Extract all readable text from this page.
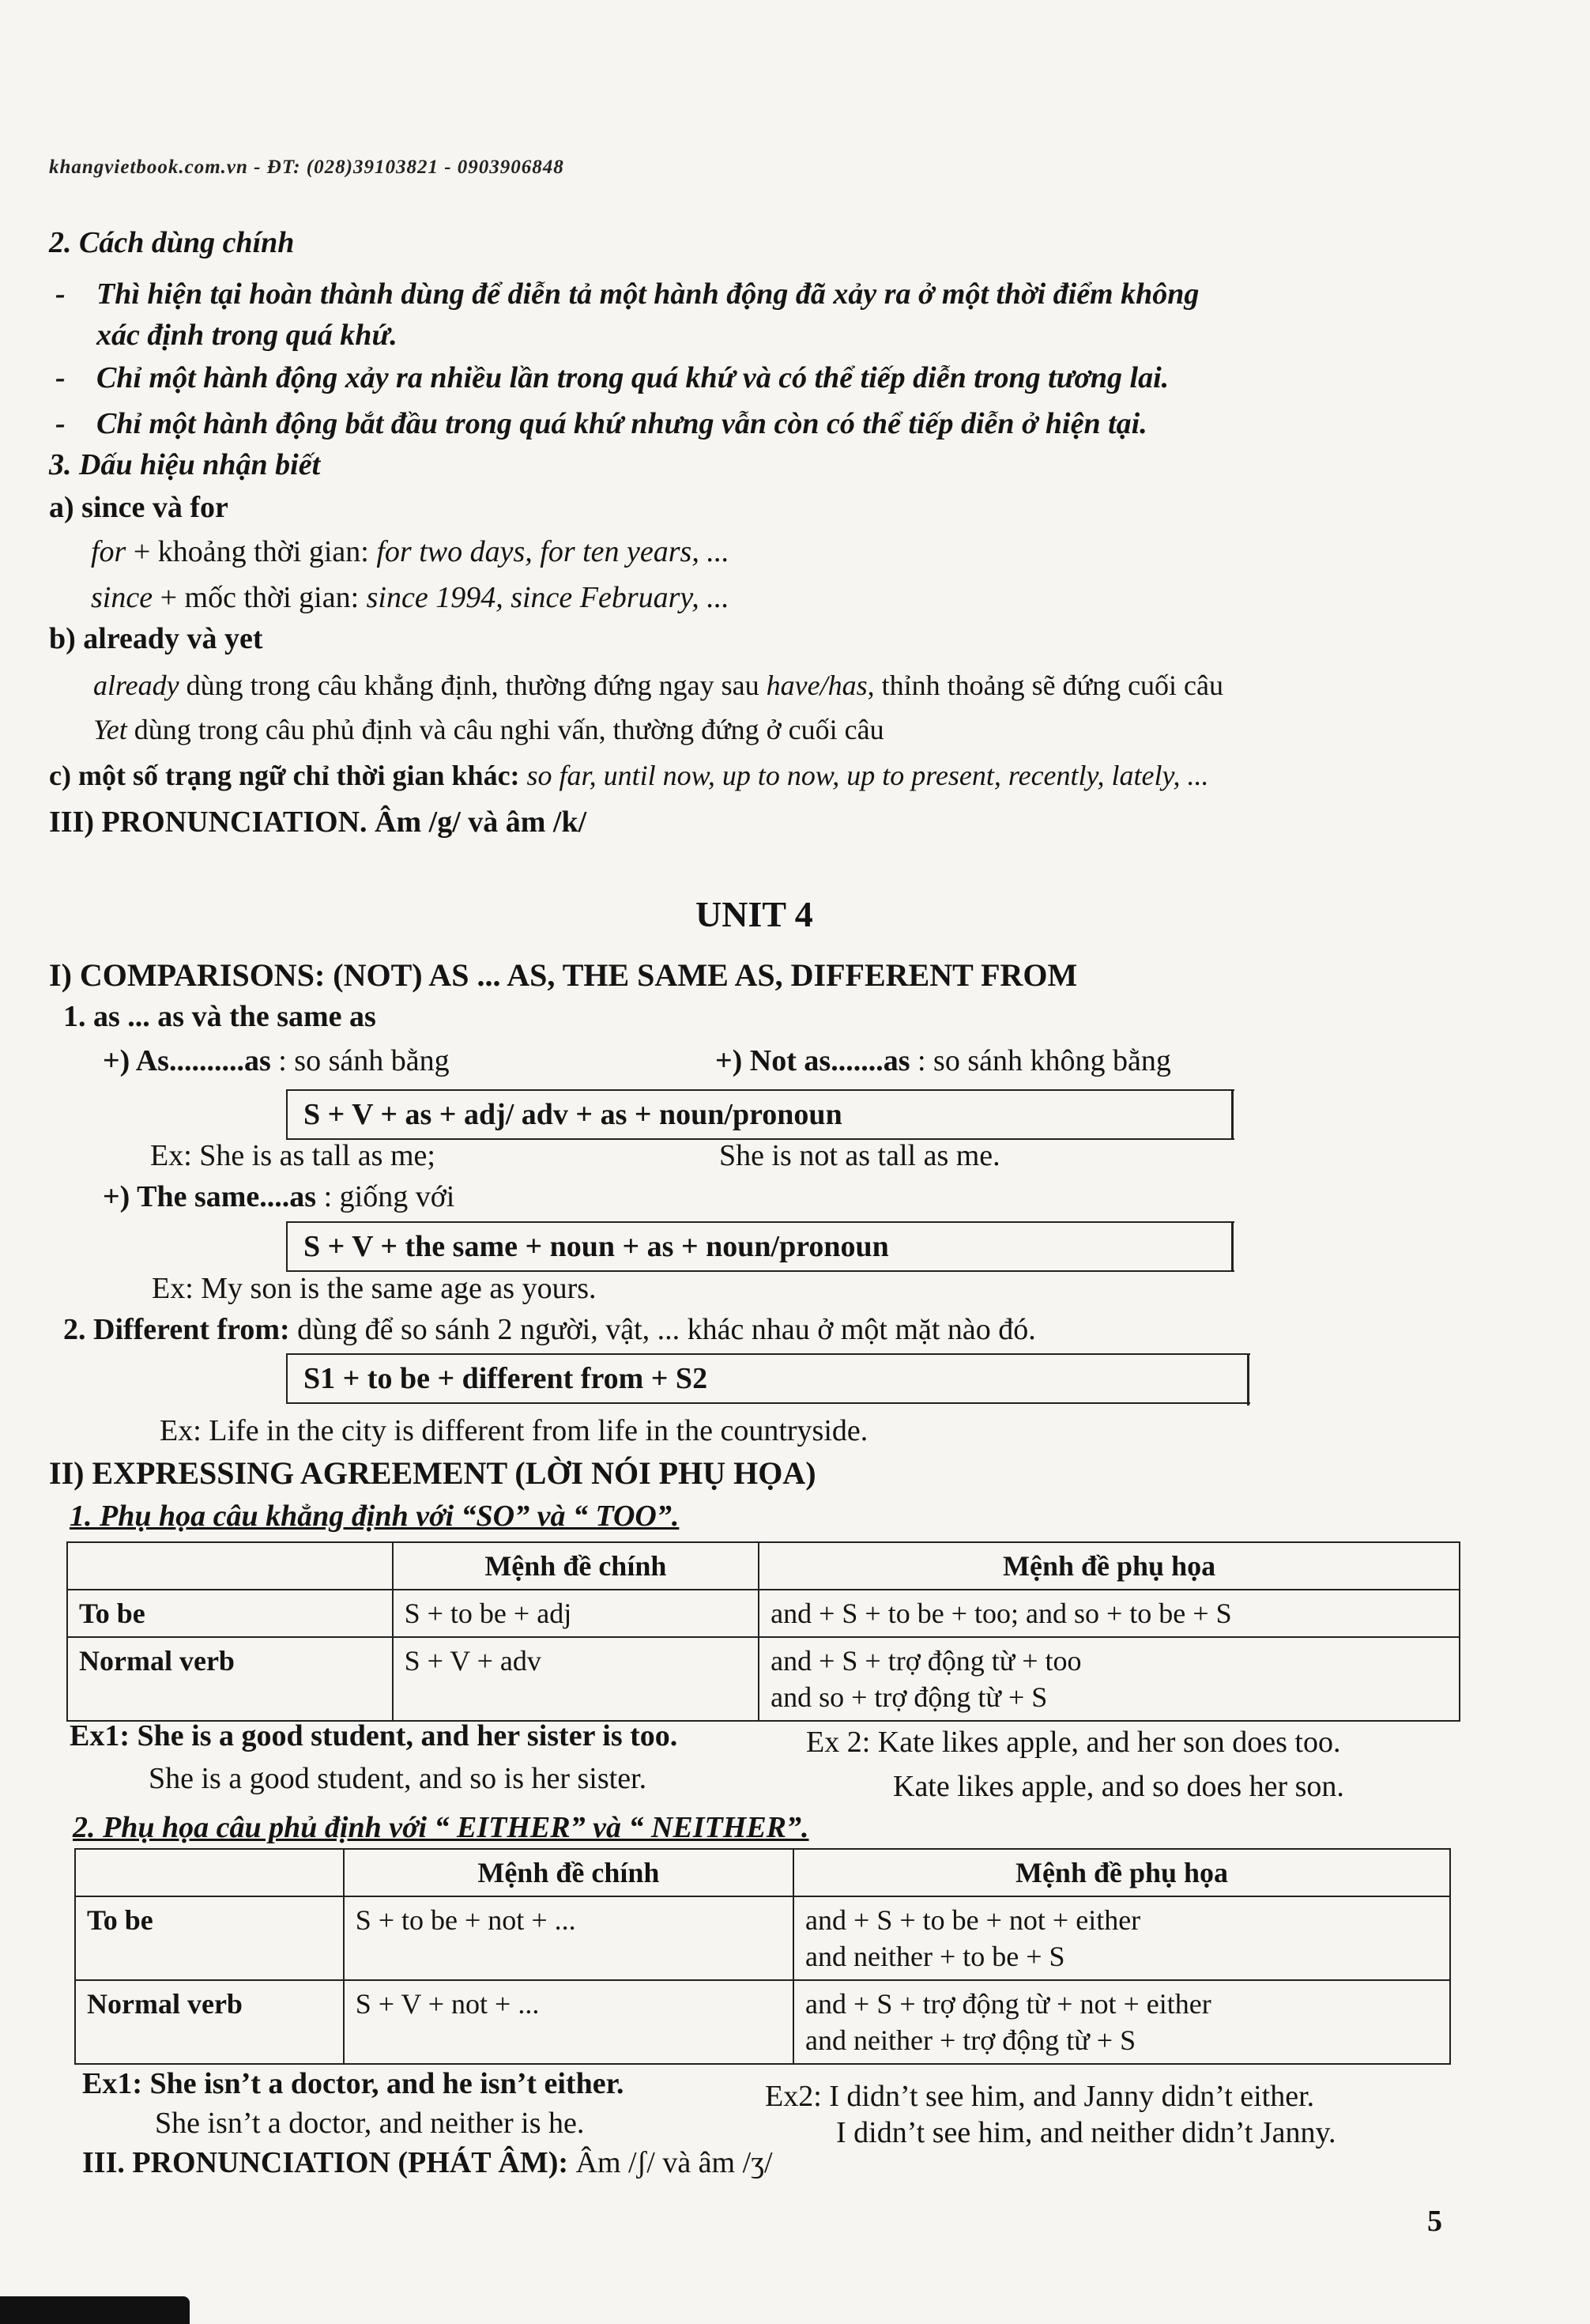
khangvietbook.com.vn - ĐT: (028)39103821 - 0903906848
2. Cách dùng chính
- Thì hiện tại hoàn thành dùng để diễn tả một hành động đã xảy ra ở một thời điểm không
xác định trong quá khứ.
- Chỉ một hành động xảy ra nhiều lần trong quá khứ và có thể tiếp diễn trong tương lai.
- Chỉ một hành động bắt đầu trong quá khứ nhưng vẫn còn có thể tiếp diễn ở hiện tại.
3. Dấu hiệu nhận biết
a) since và for
for + khoảng thời gian: for two days, for ten years, ...
since + mốc thời gian: since 1994, since February, ...
b) already và yet
already dùng trong câu khẳng định, thường đứng ngay sau have/has, thỉnh thoảng sẽ đứng cuối câu
Yet dùng trong câu phủ định và câu nghi vấn, thường đứng ở cuối câu
c) một số trạng ngữ chỉ thời gian khác: so far, until now, up to now, up to present, recently, lately, ...
III) PRONUNCIATION. Âm /g/ và âm /k/
UNIT 4
I) COMPARISONS: (NOT) AS ... AS, THE SAME AS, DIFFERENT FROM
1. as ... as và the same as
+) As..........as : so sánh bằng	+) Not as.......as : so sánh không bằng
S + V + as + adj/ adv + as + noun/pronoun
Ex: She is as tall as me;	She is not as tall as me.
+) The same....as : giống với
S + V + the same + noun + as + noun/pronoun
Ex: My son is the same age as yours.
2. Different from: dùng để so sánh 2 người, vật, ... khác nhau ở một mặt nào đó.
S1 + to be + different from + S2
Ex: Life in the city is different from life in the countryside.
II) EXPRESSING AGREEMENT (LỜI NÓI PHỤ HỌA)
1. Phụ họa câu khẳng định với “SO” và “ TOO”.
	Mệnh đề chính	Mệnh đề phụ họa
To be	S + to be + adj	and + S + to be + too; and so + to be + S
Normal verb	S + V + adv	and + S + trợ động từ + too
and so + trợ động từ + S
Ex1: She is a good student, and her sister is too.
She is a good student, and so is her sister.
Ex 2: Kate likes apple, and her son does too.
Kate likes apple, and so does her son.
2. Phụ họa câu phủ định với “ EITHER” và “ NEITHER”.
	Mệnh đề chính	Mệnh đề phụ họa
To be	S + to be + not + ...	and + S + to be + not + either
and neither + to be + S

Normal verb	S + V + not + ...	and + S + trợ động từ + not + either
and neither + trợ động từ + S
Ex1: She isn’t a doctor, and he isn’t either.
She isn’t a doctor, and neither is he.
Ex2: I didn’t see him, and Janny didn’t either.
I didn’t see him, and neither didn’t Janny.
III. PRONUNCIATION (PHÁT ÂM): Âm /ʃ/ và âm /ʒ/
5
